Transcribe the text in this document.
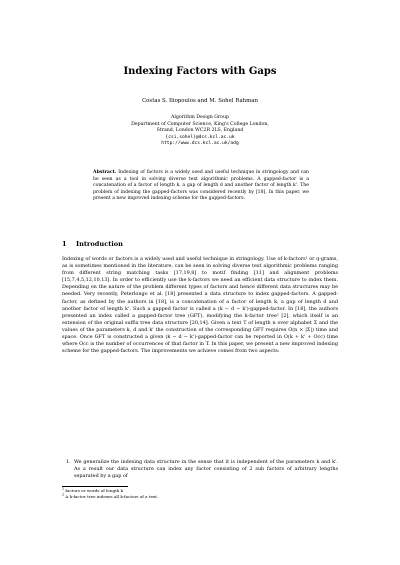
Indexing Factors with Gaps
Costas S. Iliopoulos and M. Sohel Rahman
Algorithm Design Group
Department of Computer Science, King's College London,
Strand, London WC2R 2LS, England
{csi,sohel}@dcs.kcl.ac.uk
http://www.dcs.kcl.ac.uk/adg
Abstract. Indexing of factors is a widely used and useful technique in stringology and can be seen as a tool in solving diverse text algorithmic problems. A gapped-factor is a concatenation of a factor of length k, a gap of length d and another factor of length k'. The problem of indexing the gapped-factors was considered recently by [18]. In this paper, we present a new improved indexing scheme for the gapped-factors.
1 Introduction

Indexing of words or factors is a widely used and useful technique in stringology. Use of k-factors¹ or q-grams, as is sometimes mentioned in the literature, can be seen in solving diverse text algorithmic problems ranging from different string matching tasks [17,19,8] to motif finding [11] and alignment problems [15,7,4,5,12,10,13]. In order to efficiently use the k-factors we need an efficient data structure to index them. Depending on the nature of the problem different types of factors and hence different data structures may be needed. Very recently, Peterlongo et al. [18] presented a data structure to index gapped-factors. A gapped-factor, as defined by the authors in [18], is a concatenation of a factor of length k, a gap of length d and another factor of length k'. Such a gapped factor is called a (k − d − k')-gapped-factor. In [18], the authors presented an index called a gapped-factor tree (GFT), modifying the k-factor tree² [2], which itself is an extension of the original suffix tree data structure [20,14]. Given a text T of length n over alphabet Σ and the values of the parameters k, d and k' the construction of the corresponding GFT requires O(n × |Σ|) time and space. Once GFT is constructed a given (k − d − k')-gapped-factor can be reported in O(k + k' + Occ) time where Occ is the number of occurrences of that factor in T. In this paper, we present a new improved indexing scheme for the gapped-factors. The improvements we achieve comes from two aspects:

1. We generalize the indexing data structure in the sense that it is independent of the parameters k and k'. As a result our data structure can index any factor consisting of 2 sub factors of arbitrary lengths separated by a gap of
$^1$ factors or words of length k
$^2$ A k-factor tree indexes all k-factors of a text.
